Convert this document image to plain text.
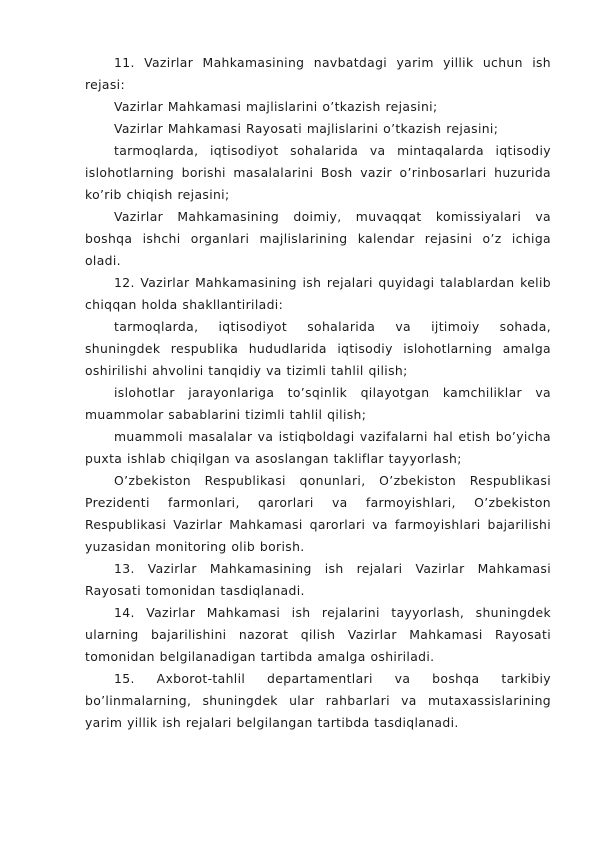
11. Vazirlar Mahkamasining navbatdagi yarim yillik uchun ish rejasi:

Vazirlar Mahkamasi majlislarini o’tkazish rejasini;

Vazirlar Mahkamasi Rayosati majlislarini o’tkazish rejasini;

tarmoqlarda, iqtisodiyot sohalarida va mintaqalarda iqtisodiy islohotlarning borishi masalalarini Bosh vazir o’rinbosarlari huzurida ko’rib chiqish rejasini;

Vazirlar Mahkamasining doimiy, muvaqqat komissiyalari va boshqa ishchi organlari majlislarining kalendar rejasini o’z ichiga oladi.

12. Vazirlar Mahkamasining ish rejalari quyidagi talablardan kelib chiqqan holda shakllantiriladi:

tarmoqlarda, iqtisodiyot sohalarida va ijtimoiy sohada, shuningdek respublika hududlarida iqtisodiy islohotlarning amalga oshirilishi ahvolini tanqidiy va tizimli tahlil qilish;

islohotlar jarayonlariga to’sqinlik qilayotgan kamchiliklar va muammolar sabablarini tizimli tahlil qilish;

muammoli masalalar va istiqboldagi vazifalarni hal etish bo’yicha puxta ishlab chiqilgan va asoslangan takliflar tayyorlash;

O’zbekiston Respublikasi qonunlari, O’zbekiston Respublikasi Prezidenti farmonlari, qarorlari va farmoyishlari, O’zbekiston Respublikasi Vazirlar Mahkamasi qarorlari va farmoyishlari bajarilishi yuzasidan monitoring olib borish.

13. Vazirlar Mahkamasining ish rejalari Vazirlar Mahkamasi Rayosati tomonidan tasdiqlanadi.

14. Vazirlar Mahkamasi ish rejalarini tayyorlash, shuningdek ularning bajarilishini nazorat qilish Vazirlar Mahkamasi Rayosati tomonidan belgilanadigan tartibda amalga oshiriladi.

15. Axborot-tahlil departamentlari va boshqa tarkibiy bo’linmalarning, shuningdek ular rahbarlari va mutaxassislarining yarim yillik ish rejalari belgilangan tartibda tasdiqlanadi.
